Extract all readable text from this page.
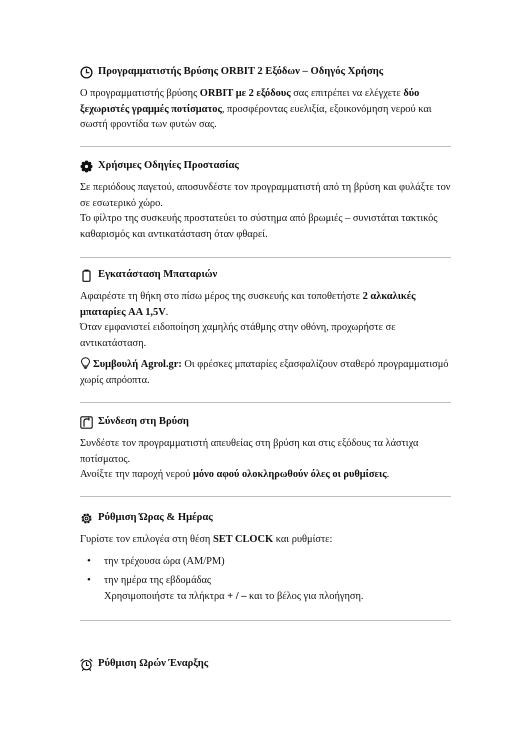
Προγραμματιστής Βρύσης ORBIT 2 Εξόδων – Οδηγός Χρήσης

Ο προγραμματιστής βρύσης ORBIT με 2 εξόδους σας επιτρέπει να ελέγχετε δύο ξεχωριστές γραμμές ποτίσματος, προσφέροντας ευελιξία, εξοικονόμηση νερού και σωστή φροντίδα των φυτών σας.

Χρήσιμες Οδηγίες Προστασίας

Σε περιόδους παγετού, αποσυνδέστε τον προγραμματιστή από τη βρύση και φυλάξτε τον σε εσωτερικό χώρο.

Το φίλτρο της συσκευής προστατεύει το σύστημα από βρωμιές – συνιστάται τακτικός καθαρισμός και αντικατάσταση όταν φθαρεί.

Εγκατάσταση Μπαταριών

Αφαιρέστε τη θήκη στο πίσω μέρος της συσκευής και τοποθετήστε 2 αλκαλικές μπαταρίες AA 1,5V.

Όταν εμφανιστεί ειδοποίηση χαμηλής στάθμης στην οθόνη, προχωρήστε σε αντικατάσταση.

Συμβουλή Agrol.gr: Οι φρέσκες μπαταρίες εξασφαλίζουν σταθερό προγραμματισμό χωρίς απρόοπτα.

Σύνδεση στη Βρύση

Συνδέστε τον προγραμματιστή απευθείας στη βρύση και στις εξόδους τα λάστιχα ποτίσματος.

Ανοίξτε την παροχή νερού μόνο αφού ολοκληρωθούν όλες οι ρυθμίσεις.

Ρύθμιση Ώρας & Ημέρας

Γυρίστε τον επιλογέα στη θέση SET CLOCK και ρυθμίστε:

• την τρέχουσα ώρα (AM/PM)
• την ημέρα της εβδομάδας
Χρησιμοποιήστε τα πλήκτρα + / – και το βέλος για πλοήγηση.
Ρύθμιση Ωρών Έναρξης
